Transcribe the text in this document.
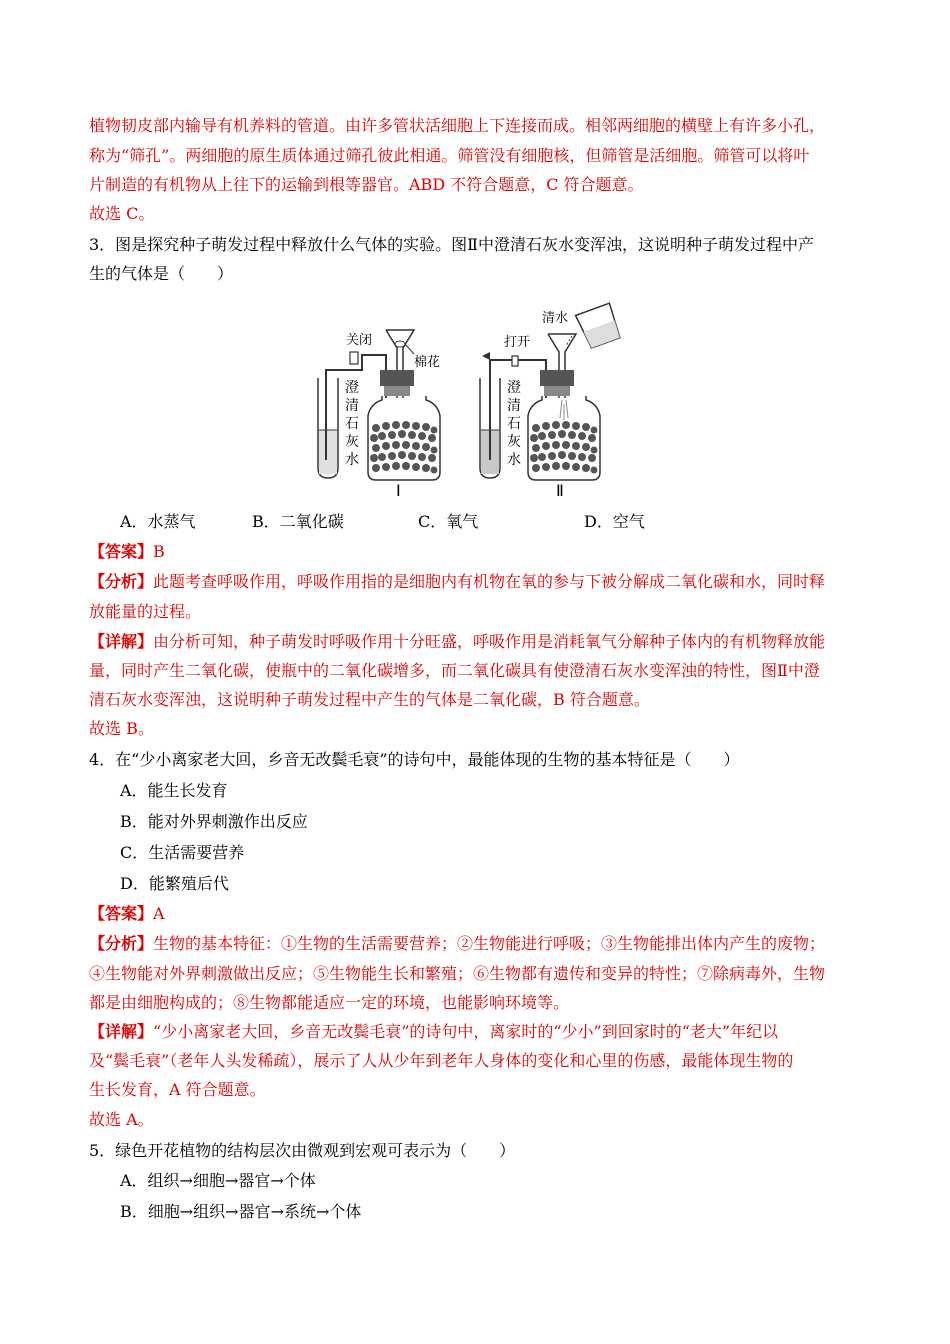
植物韧皮部内输导有机养料的管道。由许多管状活细胞上下连接而成。相邻两细胞的横壁上有许多小孔，
称为“筛孔”。两细胞的原生质体通过筛孔彼此相通。筛管没有细胞核，但筛管是活细胞。筛管可以将叶
片制造的有机物从上往下的运输到根等器官。ABD 不符合题意，C 符合题意。
故选 C。
3．图是探究种子萌发过程中释放什么气体的实验。图Ⅱ中澄清石灰水变浑浊，这说明种子萌发过程中产
生的气体是（　　）
关闭
棉花
澄
清
石
灰
水
Ⅰ
打开
清水
澄
清
石
灰
水
Ⅱ
A．水蒸气	B．二氧化碳	C．氧气	D．空气
【答案】B
【分析】此题考查呼吸作用，呼吸作用指的是细胞内有机物在氧的参与下被分解成二氧化碳和水，同时释
放能量的过程。
【详解】由分析可知，种子萌发时呼吸作用十分旺盛，呼吸作用是消耗氧气分解种子体内的有机物释放能
量，同时产生二氧化碳，使瓶中的二氧化碳增多，而二氧化碳具有使澄清石灰水变浑浊的特性，图Ⅱ中澄
清石灰水变浑浊，这说明种子萌发过程中产生的气体是二氧化碳，B 符合题意。
故选 B。
4．在“少小离家老大回，乡音无改鬓毛衰”的诗句中，最能体现的生物的基本特征是（　　）
A．能生长发育
B．能对外界刺激作出反应
C．生活需要营养
D．能繁殖后代
【答案】A
【分析】生物的基本特征：①生物的生活需要营养；②生物能进行呼吸；③生物能排出体内产生的废物；
④生物能对外界刺激做出反应；⑤生物能生长和繁殖；⑥生物都有遗传和变异的特性；⑦除病毒外，生物
都是由细胞构成的；⑧生物都能适应一定的环境，也能影响环境等。
【详解】“少小离家老大回，乡音无改鬓毛衰”的诗句中，离家时的“少小”到回家时的“老大”年纪以
及“鬓毛衰”（老年人头发稀疏），展示了人从少年到老年人身体的变化和心里的伤感，最能体现生物的
生长发育，A 符合题意。
故选 A。
5．绿色开花植物的结构层次由微观到宏观可表示为（　　）
A．组织→细胞→器官→个体
B．细胞→组织→器官→系统→个体
